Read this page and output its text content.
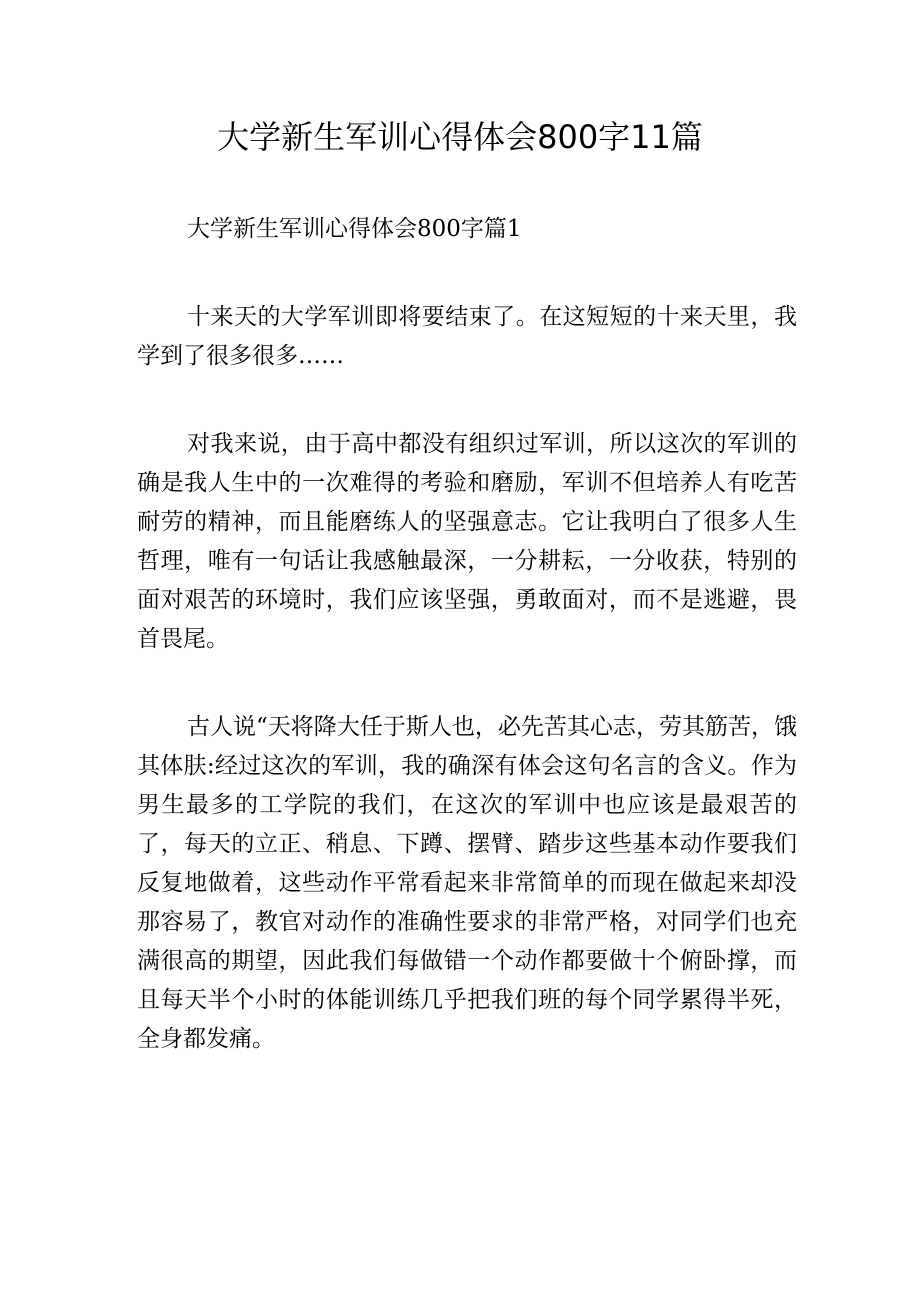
大学新生军训心得体会800字11篇

大学新生军训心得体会800字篇1

十来天的大学军训即将要结束了。在这短短的十来天里，我学到了很多很多……

对我来说，由于高中都没有组织过军训，所以这次的军训的确是我人生中的一次难得的考验和磨励，军训不但培养人有吃苦耐劳的精神，而且能磨练人的坚强意志。它让我明白了很多人生哲理，唯有一句话让我感触最深，一分耕耘，一分收获，特别的面对艰苦的环境时，我们应该坚强，勇敢面对，而不是逃避，畏首畏尾。

古人说“天将降大任于斯人也，必先苦其心志，劳其筋苦，饿其体肤:经过这次的军训，我的确深有体会这句名言的含义。作为男生最多的工学院的我们，在这次的军训中也应该是最艰苦的了，每天的立正、稍息、下蹲、摆臂、踏步这些基本动作要我们反复地做着，这些动作平常看起来非常简单的而现在做起来却没那容易了，教官对动作的准确性要求的非常严格，对同学们也充满很高的期望，因此我们每做错一个动作都要做十个俯卧撑，而且每天半个小时的体能训练几乎把我们班的每个同学累得半死，全身都发痛。
